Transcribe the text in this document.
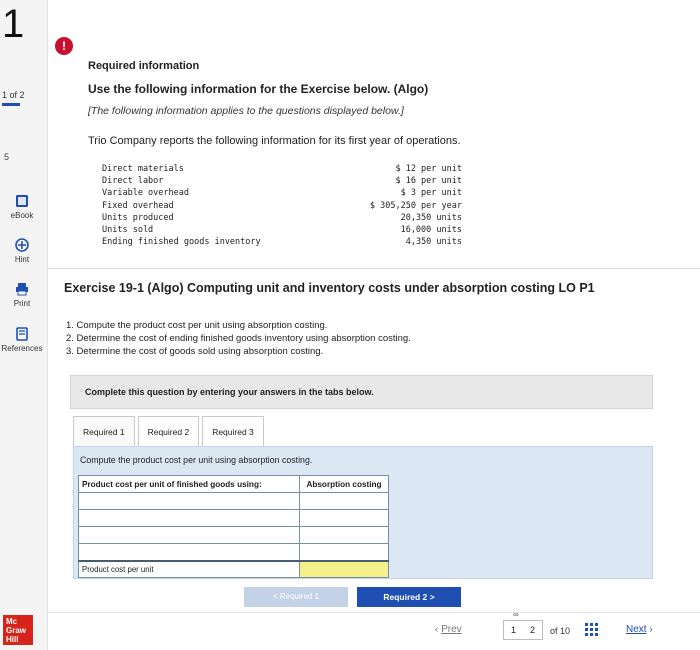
1
1 of 2
5
eBook
Hint
Print
References
Mc
Graw
Hill
!
Required information
Use the following information for the Exercise below. (Algo)
[The following information applies to the questions displayed below.]
Trio Company reports the following information for its first year of operations.
Direct materials	$ 12 per unit
Direct labor	$ 16 per unit
Variable overhead	$ 3 per unit
Fixed overhead	$ 305,250 per year
Units produced	20,350 units
Units sold	16,000 units
Ending finished goods inventory	4,350 units
Exercise 19-1 (Algo) Computing unit and inventory costs under absorption costing LO P1
1. Compute the product cost per unit using absorption costing.
2. Determine the cost of ending finished goods inventory using absorption costing.
3. Determine the cost of goods sold using absorption costing.
Complete this question by entering your answers in the tabs below.
Required 1	Required 2	Required 3
Compute the product cost per unit using absorption costing.
Product cost per unit of finished goods using:	Absorption costing

Product cost per unit	
< Required 1	Required 2 >
‹ Prev
∞
1 2 of 10	Next ›
